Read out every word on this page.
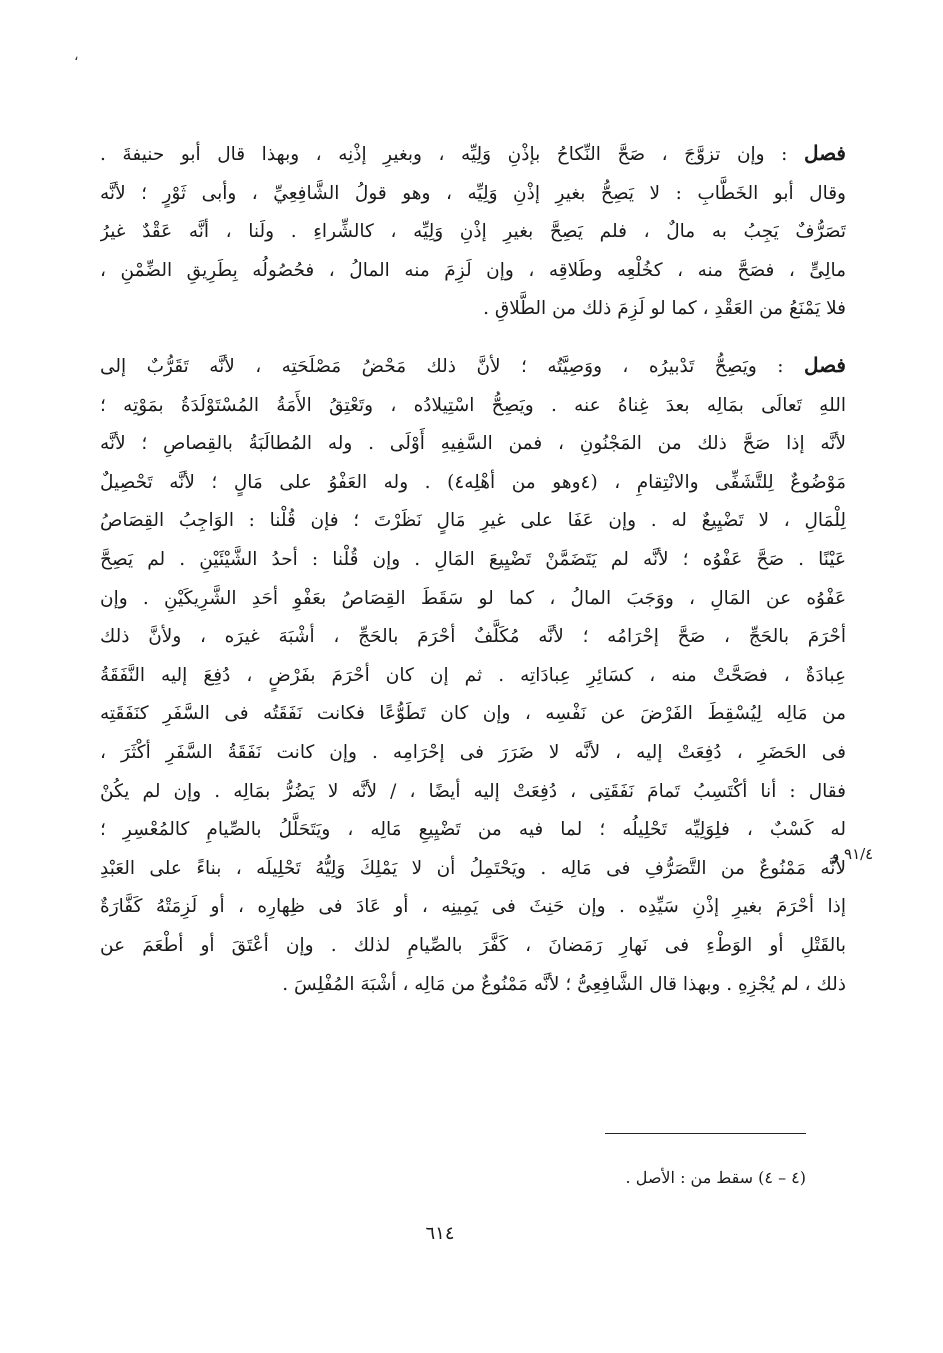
،
فصل : وإن تزوَّجَ ، صَحَّ النِّكاحُ بإذْنِ وَلِيِّه ، وبغيرِ إذْنِه ، وبهذا قال أبو حنيفةَ .
وقال أبو الخَطَّابِ : لا يَصِحُّ بغيرِ إذْنِ وَلِيِّه ، وهو قولُ الشَّافِعِيِّ ، وأبى ثَوْرٍ ؛ لأنَّه
تَصَرُّفٌ يَجِبُ به مالٌ ، فلم يَصِحَّ بغيرِ إذْنِ وَلِيِّه ، كالشِّراءِ . ولَنا ، أنَّه عَقْدٌ غيرُ
مالِىٍّ ، فصَحَّ منه ، كخُلْعِه وطَلاقِه ، وإن لَزِمَ منه المالُ ، فحُصُولُه بِطَرِيقِ الضِّمْنِ ،
فلا يَمْنَعُ من العَقْدِ ، كما لو لَزِمَ ذلك من الطَّلاقِ .
فصل : ويَصِحُّ تَدْبيرُه ، ووَصِيَّتُه ؛ لأنَّ ذلك مَحْضُ مَصْلَحَتِه ، لأنَّه تَقَرُّبٌ إلى
اللهِ تَعالَى بمَالِه بعدَ غِناهُ عنه . ويَصِحُّ اسْتِيلادُه ، وتَعْتِقُ الأَمَةُ المُسْتَوْلَدَةُ بمَوْتِه ؛
لأنَّه إذا صَحَّ ذلك من المَجْنُونِ ، فمن السَّفِيهِ أَوْلَى . وله المُطالَبَةُ بالقِصاصِ ؛ لأنَّه
مَوْضُوعٌ لِلتَّشَفِّى والانْتِقامِ ، (٤وهو من أهْلِه٤) . وله العَفْوُ على مَالٍ ؛ لأنَّه تَحْصِيلٌ
لِلْمَالِ ، لا تَضْيِيعٌ له . وإن عَفَا على غيرِ مَالٍ نَظَرْتَ ؛ فإن قُلْنا : الوَاجِبُ القِصَاصُ
عَيْنًا . صَحَّ عَفْوُه ؛ لأنَّه لم يَتَضَمَّنْ تَضْيِيعَ المَالِ . وإن قُلْنا : أحدُ الشَّيْئَيْنِ . لم يَصِحَّ
عَفْوُه عن المَالِ ، ووَجَبَ المالُ ، كما لو سَقَطَ القِصَاصُ بعَفْوِ أحَدِ الشَّرِيكَيْنِ . وإن
أحْرَمَ بالحَجِّ ، صَحَّ إحْرَامُه ؛ لأنَّه مُكَلَّفٌ أحْرَمَ بالحَجِّ ، أشْبَهَ غيرَه ، ولأنَّ ذلك
عِبادَةٌ ، فصَحَّتْ منه ، كسَائِرِ عِبادَاتِه . ثم إن كان أحْرَمَ بفَرْضٍ ، دُفِعَ إليه النَّفَقَةُ
من مَالِه لِيُسْقِطَ الفَرْضَ عن نَفْسِه ، وإن كان تَطَوُّعًا فكانت نَفَقَتُه فى السَّفَرِ كنَفَقَتِه
فى الحَضَرِ ، دُفِعَتْ إليه ، لأنَّه لا ضَرَرَ فى إحْرَامِه . وإن كانت نَفَقَةُ السَّفَرِ أكْثَرَ ،
فقال : أنا أكْتَسِبُ تَمامَ نَفَقَتِى ، دُفِعَتْ إليه أيضًا ، / لأنَّه لا يَضُرُّ بمَالِه . وإن لم يكُنْ
له كَسْبٌ ، فلِوَلِيِّه تَحْلِيلُه ؛ لما فيه من تَضْيِيعِ مَالِه ، ويَتَحَلَّلُ بالصِّيامِ كالمُعْسِرِ ؛
لأنَّه مَمْنُوعٌ من التَّصَرُّفِ فى مَالِه . ويَحْتَمِلُ أن لا يَمْلِكَ وَلِيُّهُ تَحْلِيلَه ، بناءً على العَبْدِ
إذا أحْرَمَ بغيرِ إذْنِ سَيِّدِه . وإن حَنِثَ فى يَمِينِه ، أو عَادَ فى ظِهارِه ، أو لَزِمَتْهُ كَفَّارَةٌ
بالقَتْلِ أو الوَطْءِ فى نَهارِ رَمَضانَ ، كَفَّرَ بالصِّيامِ لذلك . وإن أعْتَقَ أو أطْعَمَ عن
ذلك ، لم يُجْزِهِ . وبهذا قال الشَّافِعِىُّ ؛ لأنَّه مَمْنُوعٌ من مَالِه ، أشْبَهَ المُفْلِسَ .
٩١/٤ و
(٤ – ٤) سقط من : الأصل .
٦١٤
